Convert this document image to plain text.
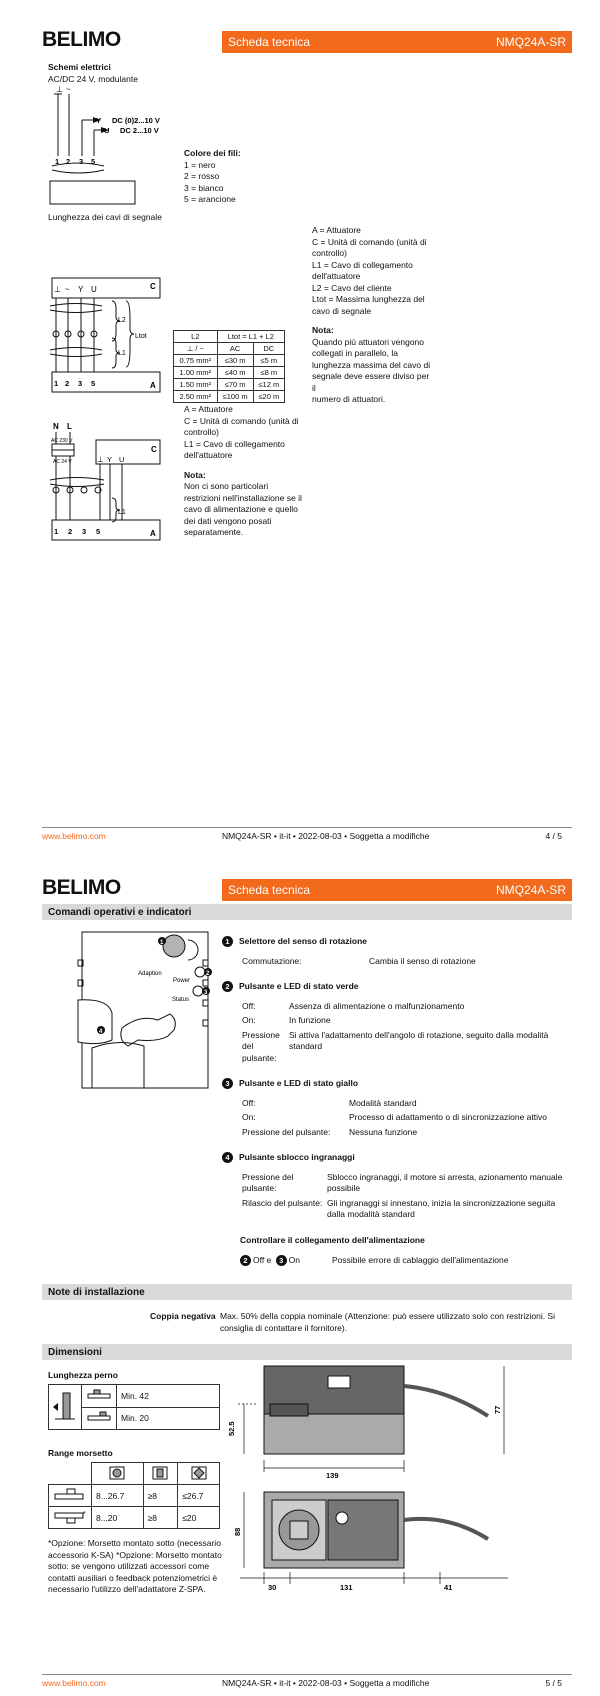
BELIMO	Scheda tecnica	NMQ24A-SR
Schemi elettrici
AC/DC 24 V, modulante
⊥ ~
Y DC (0)2...10 V
U DC 2...10 V
1 2 3 5
Colore dei fili:
1 = nero
2 = rosso
3 = bianco
5 = arancione
Lunghezza dei cavi di segnale
A = Attuatore
C = Unità di comando (unità di
controllo)
L1 = Cavo di collegamento
dell'attuatore
L2 = Cavo del cliente
Ltot = Massima lunghezza del
cavo di segnale
Nota:
Quando più attuatori vengono
collegati in parallelo, la
lunghezza massima del cavo di
segnale deve essere diviso per il
numero di attuatori.
⊥ ~ Y U	C
1 2 3 5	A
L2
L1
Ltot	L2	Ltot = L1 + L2	
⊥ / ~	AC	DC
0.75 mm²	≤30 m	≤5 m
1.00 mm²	≤40 m	≤8 m
1.50 mm²	≤70 m	≤12 m
2.50 mm²	≤100 m	≤20 m
N L
AC 230 V
AC 24 V
C
⊥ Y U
L1
1 2 3 5	A
A = Attuatore
C = Unità di comando (unità di
controllo)
L1 = Cavo di collegamento
dell'attuatore
Nota:
Non ci sono particolari
restrizioni nell'installazione se il
cavo di alimentazione e quello
dei dati vengono posati
separatamente.
www.belimo.com	NMQ24A-SR • it-it • 2022-08-03 • Soggetta a modifiche	4 / 5
BELIMO	Scheda tecnica	NMQ24A-SR
Comandi operativi e indicatori
1
2
3
4
Adaption
Power
Status
1 Selettore del senso di rotazione
Commutazione:	Cambia il senso di rotazione
2 Pulsante e LED di stato verde
Off:	Assenza di alimentazione o malfunzionamento
On:	In funzione
Pressione del pulsante:
Si attiva l'adattamento dell'angolo di rotazione, seguito dalla modalità standard
3 Pulsante e LED di stato giallo
Off:	Modalità standard
On:	Processo di adattamento o di sincronizzazione attivo
Pressione del pulsante:	Nessuna funzione
4 Pulsante sblocco ingranaggi
Pressione del pulsante:
Sblocco ingranaggi, il motore si arresta, azionamento manuale possibile
Rilascio del pulsante: Gli ingranaggi si innestano, inizia la sincronizzazione seguita dalla modalità standard
Controllare il collegamento dell'alimentazione
2 Off e 3 On	Possibile errore di cablaggio dell'alimentazione
Note di installazione
Coppia negativa Max. 50% della coppia nominale (Attenzione: può essere utilizzato solo con restrizioni. Si consiglia di contattare il fornitore).
Dimensioni
Lunghezza perno
		Min. 42
	Min. 20
Range morsetto

	8...26.7	≥8	≤26.7

*	8...20	≥8	≤20
*Opzione: Morsetto montato sotto (necessario accessorio K-SA) *Opzione: Morsetto montato sotto: se vengono utilizzati accessori come contatti ausiliari o feedback potenziometrici è necessario l'utilizzo dell'adattatore Z-SPA.
52.5
77
139
88
30	131	41
www.belimo.com	NMQ24A-SR • it-it • 2022-08-03 • Soggetta a modifiche	5 / 5
